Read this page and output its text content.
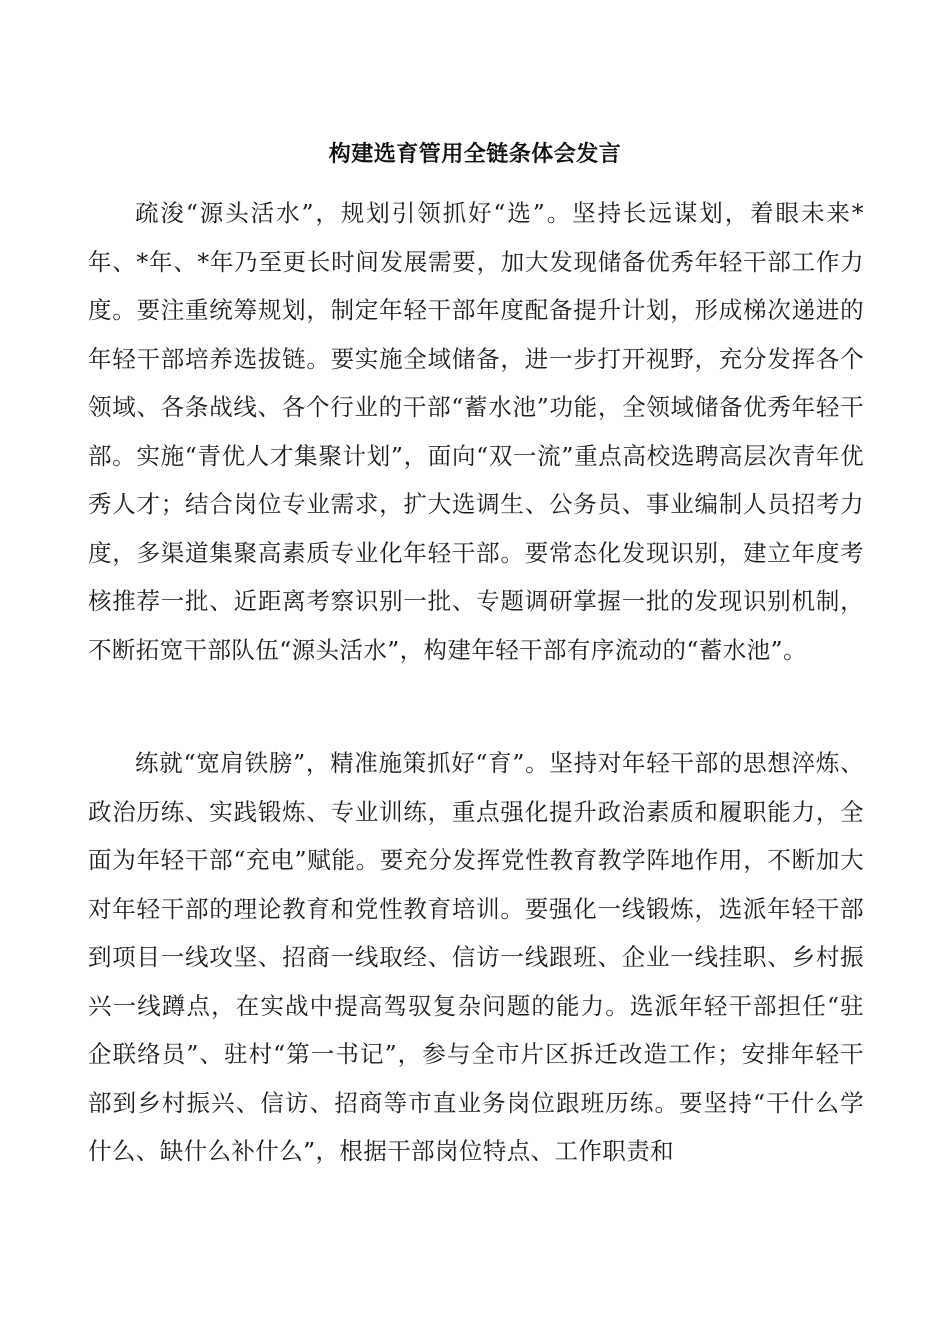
构建选育管用全链条体会发言

疏浚“源头活水”，规划引领抓好“选”。坚持长远谋划，着眼未来*年、*年、*年乃至更长时间发展需要，加大发现储备优秀年轻干部工作力度。要注重统筹规划，制定年轻干部年度配备提升计划，形成梯次递进的年轻干部培养选拔链。要实施全域储备，进一步打开视野，充分发挥各个领域、各条战线、各个行业的干部“蓄水池”功能，全领域储备优秀年轻干部。实施“青优人才集聚计划”，面向“双一流”重点高校选聘高层次青年优秀人才；结合岗位专业需求，扩大选调生、公务员、事业编制人员招考力度，多渠道集聚高素质专业化年轻干部。要常态化发现识别，建立年度考核推荐一批、近距离考察识别一批、专题调研掌握一批的发现识别机制，不断拓宽干部队伍“源头活水”，构建年轻干部有序流动的“蓄水池”。

练就“宽肩铁膀”，精准施策抓好“育”。坚持对年轻干部的思想淬炼、政治历练、实践锻炼、专业训练，重点强化提升政治素质和履职能力，全面为年轻干部“充电”赋能。要充分发挥党性教育教学阵地作用，不断加大对年轻干部的理论教育和党性教育培训。要强化一线锻炼，选派年轻干部到项目一线攻坚、招商一线取经、信访一线跟班、企业一线挂职、乡村振兴一线蹲点，在实战中提高驾驭复杂问题的能力。选派年轻干部担任“驻企联络员”、驻村“第一书记”，参与全市片区拆迁改造工作；安排年轻干部到乡村振兴、信访、招商等市直业务岗位跟班历练。要坚持“干什么学什么、缺什么补什么”，根据干部岗位特点、工作职责和
